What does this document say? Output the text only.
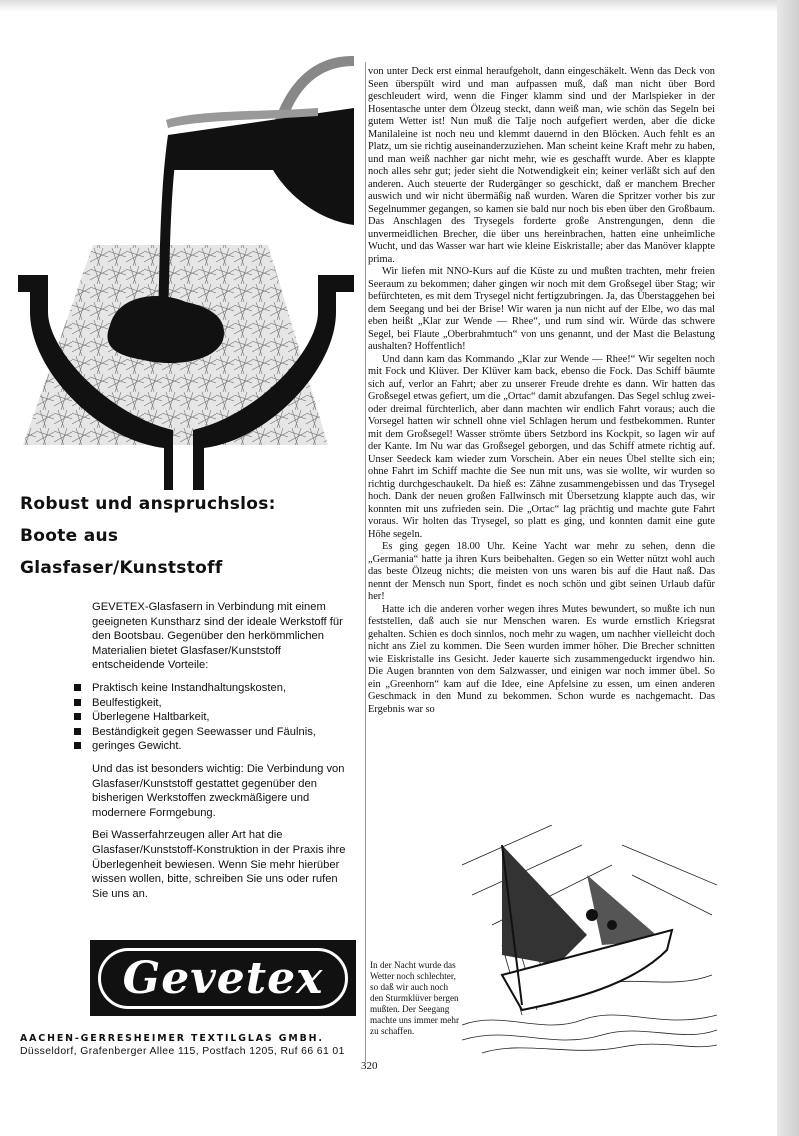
Robust und anspruchslos:
Boote aus
Glasfaser/Kunststoff

GEVETEX-Glasfasern in Verbindung mit einem geeigneten Kunstharz sind der ideale Werkstoff für den Bootsbau. Gegenüber den herkömmlichen Materialien bietet Glasfaser/Kunststoff entscheidende Vorteile:

Praktisch keine Instandhaltungskosten,
Beulfestigkeit,
Überlegene Haltbarkeit,
Beständigkeit gegen Seewasser und Fäulnis,
geringes Gewicht.

Und das ist besonders wichtig: Die Verbindung von Glasfaser/Kunststoff gestattet gegenüber den bisherigen Werkstoffen zweckmäßigere und modernere Formgebung.

Bei Wasserfahrzeugen aller Art hat die Glasfaser/Kunststoff-Konstruktion in der Praxis ihre Überlegenheit bewiesen. Wenn Sie mehr hierüber wissen wollen, bitte, schreiben Sie uns oder rufen Sie uns an.

Gevetex
AACHEN-GERRESHEIMER TEXTILGLAS GMBH.
Düsseldorf, Grafenberger Allee 115, Postfach 1205, Ruf 66 61 01

von unter Deck erst einmal heraufgeholt, dann eingeschäkelt. Wenn das Deck von Seen überspült wird und man aufpassen muß, daß man nicht über Bord geschleudert wird, wenn die Finger klamm sind und der Marlspieker in der Hosentasche unter dem Ölzeug steckt, dann weiß man, wie schön das Segeln bei gutem Wetter ist! Nun muß die Talje noch aufgefiert werden, aber die dicke Manilaleine ist noch neu und klemmt dauernd in den Blöcken. Auch fehlt es an Platz, um sie richtig auseinanderzuziehen. Man scheint keine Kraft mehr zu haben, und man weiß nachher gar nicht mehr, wie es geschafft wurde. Aber es klappte noch alles sehr gut; jeder sieht die Notwendigkeit ein; keiner verläßt sich auf den anderen. Auch steuerte der Rudergänger so geschickt, daß er manchem Brecher auswich und wir nicht übermäßig naß wurden. Waren die Spritzer vorher bis zur Segelnummer gegangen, so kamen sie bald nur noch bis eben über den Großbaum. Das Anschlagen des Trysegels forderte große Anstrengungen, denn die unvermeidlichen Brecher, die über uns hereinbrachen, hatten eine unheimliche Wucht, und das Wasser war hart wie kleine Eiskristalle; aber das Manöver klappte prima.

Wir liefen mit NNO-Kurs auf die Küste zu und mußten trachten, mehr freien Seeraum zu bekommen; daher gingen wir noch mit dem Großsegel über Stag; wir befürchteten, es mit dem Trysegel nicht fertigzubringen. Ja, das Überstaggehen bei dem Seegang und bei der Brise! Wir waren ja nun nicht auf der Elbe, wo das mal eben heißt „Klar zur Wende — Rhee“, und rum sind wir. Würde das schwere Segel, bei Flaute „Oberbrahmtuch“ von uns genannt, und der Mast die Belastung aushalten? Hoffentlich!

Und dann kam das Kommando „Klar zur Wende — Rhee!“ Wir segelten noch mit Fock und Klüver. Der Klüver kam back, ebenso die Fock. Das Schiff bäumte sich auf, verlor an Fahrt; aber zu unserer Freude drehte es dann. Wir hatten das Großsegel etwas gefiert, um die „Ortac“ damit abzufangen. Das Segel schlug zwei- oder dreimal fürchterlich, aber dann machten wir endlich Fahrt voraus; auch die Vorsegel hatten wir schnell ohne viel Schlagen herum und festbekommen. Runter mit dem Großsegel! Wasser strömte übers Setzbord ins Kockpit, so lagen wir auf der Kante. Im Nu war das Großsegel geborgen, und das Schiff atmete richtig auf. Unser Seedeck kam wieder zum Vorschein. Aber ein neues Übel stellte sich ein; ohne Fahrt im Schiff machte die See nun mit uns, was sie wollte, wir wurden so richtig durchgeschaukelt. Da hieß es: Zähne zusammengebissen und das Trysegel hoch. Dank der neuen großen Fallwinsch mit Übersetzung klappte auch das, wir konnten mit uns zufrieden sein. Die „Ortac“ lag prächtig und machte gute Fahrt voraus. Wir holten das Trysegel, so platt es ging, und konnten damit eine gute Höhe segeln.

Es ging gegen 18.00 Uhr. Keine Yacht war mehr zu sehen, denn die „Germania“ hatte ja ihren Kurs beibehalten. Gegen so ein Wetter nützt wohl auch das beste Ölzeug nichts; die meisten von uns waren bis auf die Haut naß. Das nennt der Mensch nun Sport, findet es noch schön und gibt seinen Urlaub dafür her!

Hatte ich die anderen vorher wegen ihres Mutes bewundert, so mußte ich nun feststellen, daß auch sie nur Menschen waren. Es wurde ernstlich Kriegsrat gehalten. Schien es doch sinnlos, noch mehr zu wagen, um nachher vielleicht doch nicht ans Ziel zu kommen. Die Seen wurden immer höher. Die Brecher schnitten wie Eiskristalle ins Gesicht. Jeder kauerte sich zusammengeduckt irgendwo hin. Die Augen brannten von dem Salzwasser, und einigen war noch immer übel. So ein „Greenhorn“ kam auf die Idee, eine Apfelsine zu essen, um einen anderen Geschmack in den Mund zu bekommen. Schon wurde es nachgemacht. Das Ergebnis war so

In der Nacht wurde das Wetter noch schlechter, so daß wir auch noch den Sturmklüver bergen mußten. Der Seegang machte uns immer mehr zu schaffen.
320
